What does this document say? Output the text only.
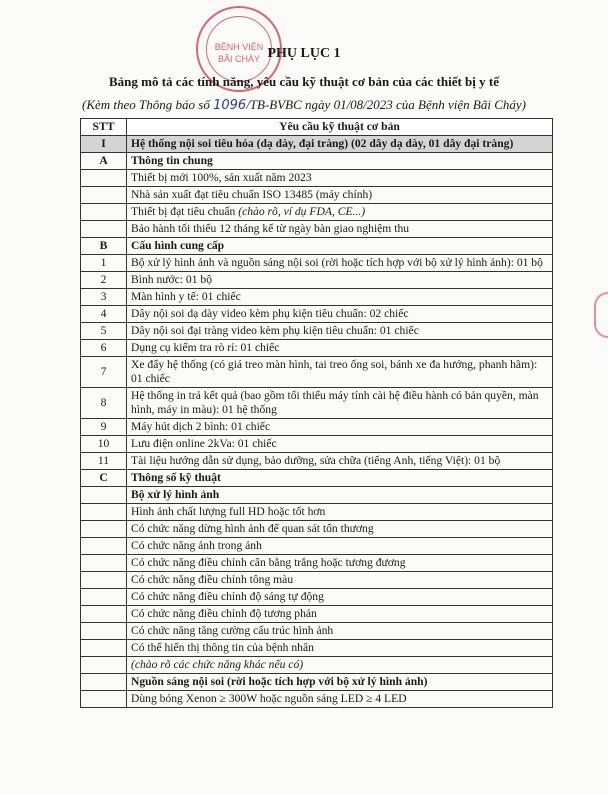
BỆNH VIỆN
BÃI CHÁY PHỤ LỤC 1
Bảng mô tả các tính năng, yêu cầu kỹ thuật cơ bản của các thiết bị y tế
(Kèm theo Thông báo số 1096/TB-BVBC ngày 01/08/2023 của Bệnh viện Bãi Cháy)
STT	Yêu cầu kỹ thuật cơ bản
I	Hệ thống nội soi tiêu hóa (dạ dày, đại tràng) (02 dây dạ dày, 01 dây đại tràng)
A	Thông tin chung
	Thiết bị mới 100%, sản xuất năm 2023
	Nhà sản xuất đạt tiêu chuẩn ISO 13485 (máy chính)
	Thiết bị đạt tiêu chuẩn (chào rõ, ví dụ FDA, CE...)
	Bảo hành tối thiểu 12 tháng kể từ ngày bàn giao nghiệm thu
B	Cấu hình cung cấp
1	Bộ xử lý hình ảnh và nguồn sáng nội soi (rời hoặc tích hợp với bộ xử lý hình ảnh): 01 bộ
2	Bình nước: 01 bộ
3	Màn hình y tế: 01 chiếc
4	Dây nội soi dạ dày video kèm phụ kiện tiêu chuẩn: 02 chiếc
5	Dây nội soi đại tràng video kèm phụ kiện tiêu chuẩn: 01 chiếc
6	Dụng cụ kiểm tra rò rỉ: 01 chiếc
7	Xe đẩy hệ thống (có giá treo màn hình, tai treo ống soi, bánh xe đa hướng, phanh hãm): 01 chiếc
8	Hệ thống in trả kết quả (bao gồm tối thiểu máy tính cài hệ điều hành có bản quyền, màn hình, máy in màu): 01 hệ thống
9	Máy hút dịch 2 bình: 01 chiếc
10	Lưu điện online 2kVa: 01 chiếc
11	Tài liệu hướng dẫn sử dụng, bảo dưỡng, sửa chữa (tiếng Anh, tiếng Việt): 01 bộ
C	Thông số kỹ thuật
	Bộ xử lý hình ảnh
	Hình ảnh chất lượng full HD hoặc tốt hơn
	Có chức năng dừng hình ảnh để quan sát tổn thương
	Có chức năng ảnh trong ảnh
	Có chức năng điều chỉnh cân bằng trắng hoặc tương đương
	Có chức năng điều chỉnh tông màu
	Có chức năng điều chỉnh độ sáng tự động
	Có chức năng điều chỉnh độ tương phản
	Có chức năng tăng cường cấu trúc hình ảnh
	Có thể hiển thị thông tin của bệnh nhân
	(chào rõ các chức năng khác nếu có)
	Nguồn sáng nội soi (rời hoặc tích hợp với bộ xử lý hình ảnh)
	Dùng bóng Xenon ≥ 300W hoặc nguồn sáng LED ≥ 4 LED
